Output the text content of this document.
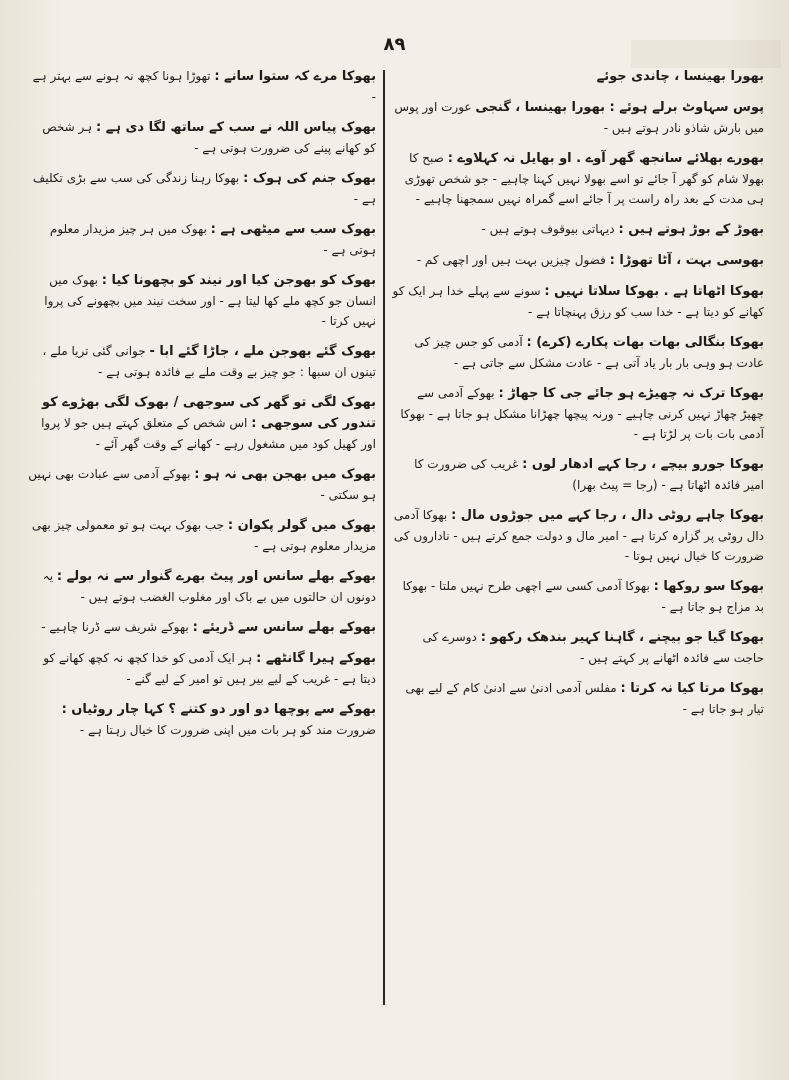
۸۹
بھورا بھینسا ، چاندی جوئے
پوس سہاوٹ برلے ہوئے : بھورا بھینسا ، گنجی عورت اور پوس میں بارش شاذو نادر ہوتے ہیں -
بھورے بھلائے سانجھ گھر آوے . او بھایل نہ کہلاوے : صبح کا بھولا شام کو گھر آ جائے تو اسے بھولا نہیں کہنا چاہیے - جو شخص تھوڑی ہی مدت کے بعد راہ راست پر آ جائے اسے گمراہ نہیں سمجھنا چاہیے -
بھوڑ کے بوڑ ہوتے ہیں : دیہاتی بیوقوف ہوتے ہیں -
بھوسی بہت ، آٹا تھوڑا : فضول چیزیں بہت ہیں اور اچھی کم -
بھوکا اٹھاتا ہے . بھوکا سلاتا نہیں : سونے سے پہلے خدا ہر ایک کو کھانے کو دیتا ہے - خدا سب کو رزق پہنچاتا ہے -
بھوکا بنگالی بھات بھات پکارے (کرے) : آدمی کو جس چیز کی عادت ہو وہی بار بار یاد آتی ہے - عادت مشکل سے جاتی ہے -
بھوکا ترک نہ چھیڑے ہو جائے جی کا جھاڑ : بھوکے آدمی سے چھیڑ چھاڑ نہیں کرنی چاہیے - ورنہ پیچھا چھڑانا مشکل ہو جاتا ہے - بھوکا آدمی بات بات پر لڑتا ہے -
بھوکا جورو بیچے ، رجا کہے ادھار لوں : غریب کی ضرورت کا امیر فائدہ اٹھاتا ہے - (رجا = پیٹ بھرا)
بھوکا چاہے روٹی دال ، رجا کہے میں جوڑوں مال : بھوکا آدمی دال روٹی پر گزارہ کرتا ہے - امیر مال و دولت جمع کرتے ہیں - ناداروں کی ضرورت کا خیال نہیں ہوتا -
بھوکا سو روکھا : بھوکا آدمی کسی سے اچھی طرح نہیں ملتا - بھوکا بد مزاج ہو جاتا ہے -
بھوکا گیا جو بیچنے ، گاہنا کہیر بندھک رکھو : دوسرے کی حاجت سے فائدہ اٹھانے پر کہتے ہیں -
بھوکا مرتا کیا نہ کرتا : مفلس آدمی ادنیٰ سے ادنیٰ کام کے لیے بھی تیار ہو جاتا ہے -
بھوکا مرے کہ ستوا سانے : تھوڑا ہونا کچھ نہ ہونے سے بہتر ہے -
بھوک پیاس اللہ نے سب کے ساتھ لگا دی ہے : ہر شخص کو کھانے پینے کی ضرورت ہوتی ہے -
بھوک جنم کی ہوک : بھوکا رہنا زندگی کی سب سے بڑی تکلیف ہے -
بھوک سب سے میٹھی ہے : بھوک میں ہر چیز مزیدار معلوم ہوتی ہے -
بھوک کو بھوجن کیا اور نیند کو بچھونا کیا : بھوک میں انسان جو کچھ ملے کھا لیتا ہے - اور سخت نیند میں بچھونے کی پروا نہیں کرتا -
بھوک گئے بھوجن ملے ، جاڑا گئے ابا - جوانی گئی تریا ملے ، تینوں ان سبھا : جو چیز بے وقت ملے بے فائدہ ہوتی ہے -
بھوک لگی تو گھر کی سوجھی / بھوک لگی بھڑوے کو تندور کی سوجھی : اس شخص کے متعلق کہتے ہیں جو لا پروا اور کھیل کود میں مشغول رہے - کھانے کے وقت گھر آئے -
بھوک میں بھجن بھی نہ ہو : بھوکے آدمی سے عبادت بھی نہیں ہو سکتی -
بھوک میں گولر پکوان : جب بھوک بہت ہو تو معمولی چیز بھی مزیدار معلوم ہوتی ہے -
بھوکے بھلے سانس اور پیٹ بھرے گنوار سے نہ بولے : یہ دونوں ان حالتوں میں بے باک اور مغلوب الغضب ہوتے ہیں -
بھوکے بھلے سانس سے ڈریئے : بھوکے شریف سے ڈرنا چاہیے -
بھوکے ہیرا گانٹھے : ہر ایک آدمی کو خدا کچھ نہ کچھ کھانے کو دیتا ہے - غریب کے لیے بیر ہیں تو امیر کے لیے گنے -
بھوکے سے پوچھا دو اور دو کتنے ؟ کہا چار روٹیاں : ضرورت مند کو ہر بات میں اپنی ضرورت کا خیال رہتا ہے -
